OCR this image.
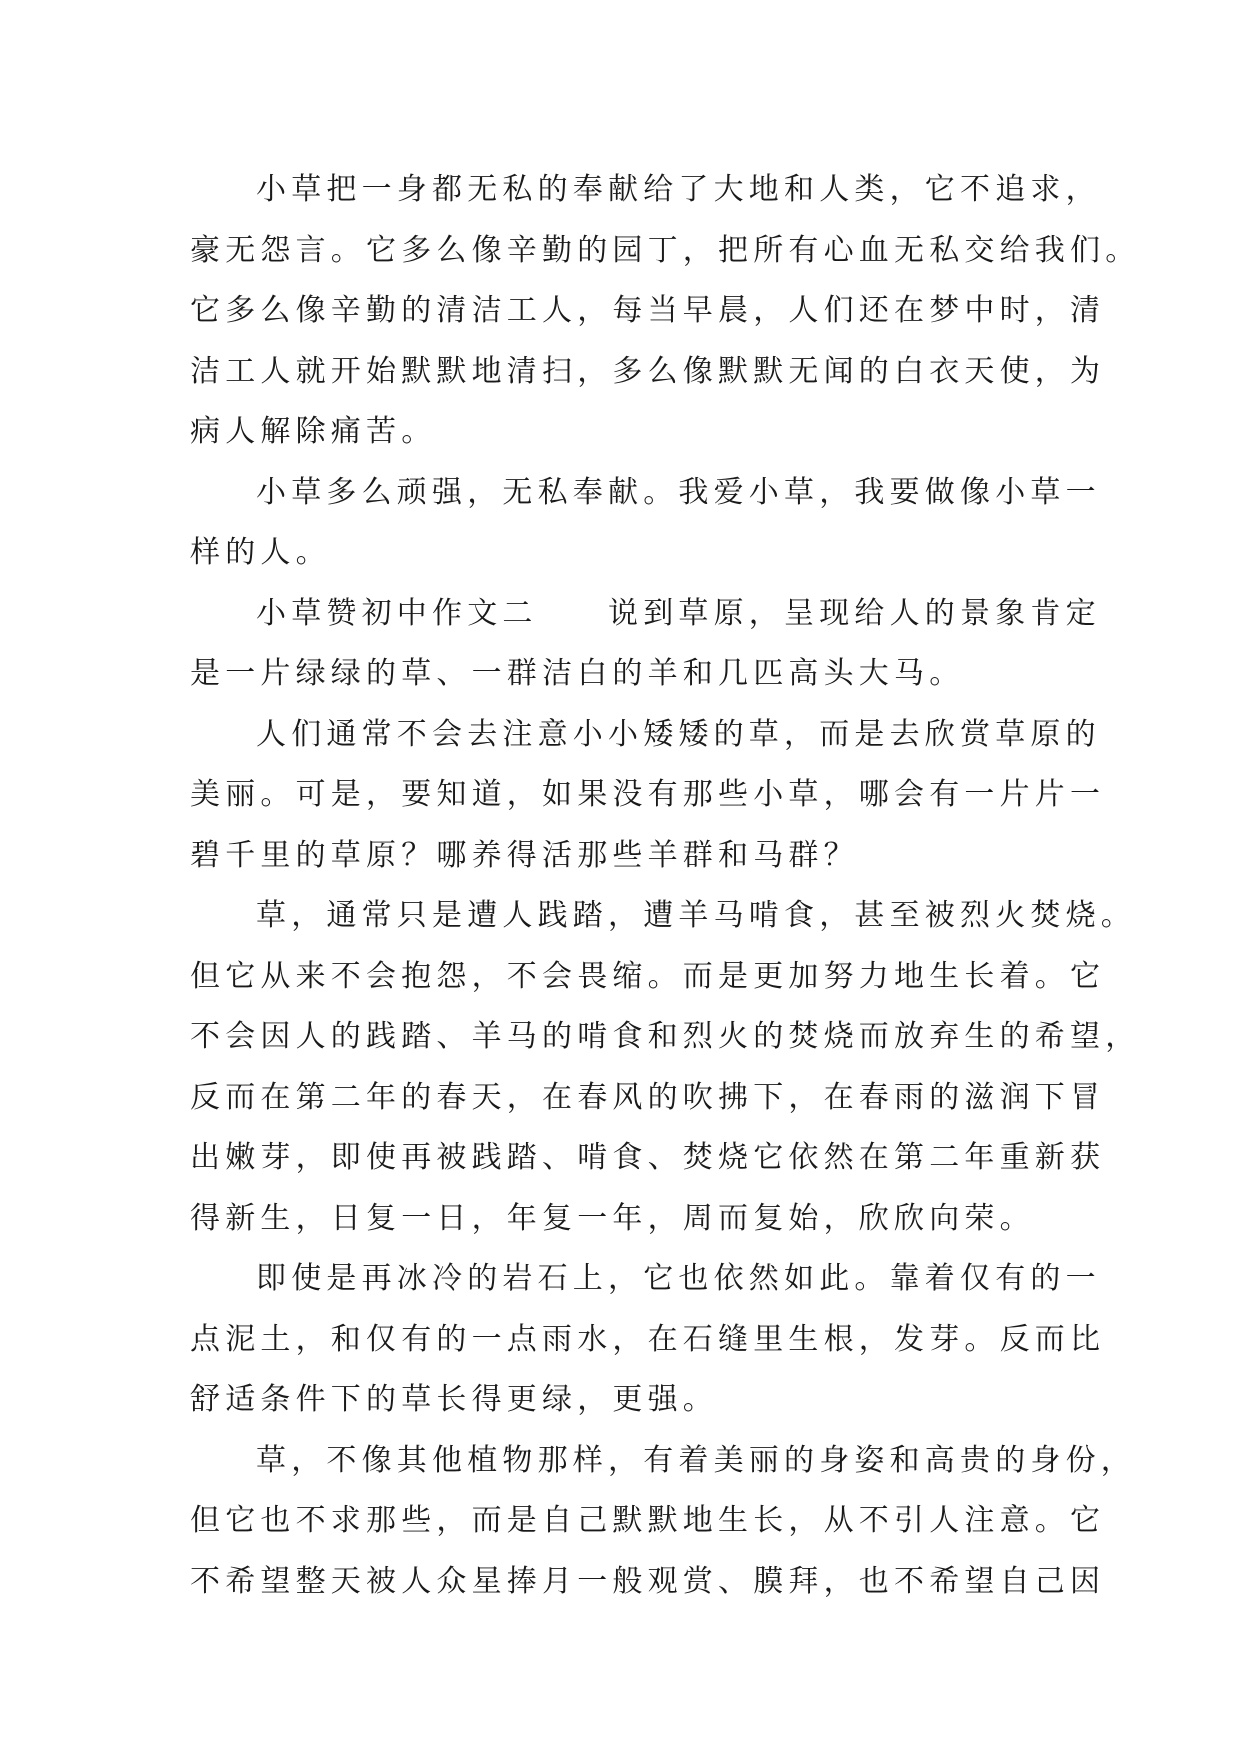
小草把一身都无私的奉献给了大地和人类，它不追求，
豪无怨言。它多么像辛勤的园丁，把所有心血无私交给我们。
它多么像辛勤的清洁工人，每当早晨，人们还在梦中时，清
洁工人就开始默默地清扫，多么像默默无闻的白衣天使，为
病人解除痛苦。
小草多么顽强，无私奉献。我爱小草，我要做像小草一
样的人。
小草赞初中作文二　　说到草原，呈现给人的景象肯定
是一片绿绿的草、一群洁白的羊和几匹高头大马。
人们通常不会去注意小小矮矮的草，而是去欣赏草原的
美丽。可是，要知道，如果没有那些小草，哪会有一片片一
碧千里的草原？哪养得活那些羊群和马群？
草，通常只是遭人践踏，遭羊马啃食，甚至被烈火焚烧。
但它从来不会抱怨，不会畏缩。而是更加努力地生长着。它
不会因人的践踏、羊马的啃食和烈火的焚烧而放弃生的希望，
反而在第二年的春天，在春风的吹拂下，在春雨的滋润下冒
出嫩芽，即使再被践踏、啃食、焚烧它依然在第二年重新获
得新生，日复一日，年复一年，周而复始，欣欣向荣。
即使是再冰冷的岩石上，它也依然如此。靠着仅有的一
点泥土，和仅有的一点雨水，在石缝里生根，发芽。反而比
舒适条件下的草长得更绿，更强。
草，不像其他植物那样，有着美丽的身姿和高贵的身份，
但它也不求那些，而是自己默默地生长，从不引人注意。它
不希望整天被人众星捧月一般观赏、膜拜，也不希望自己因
